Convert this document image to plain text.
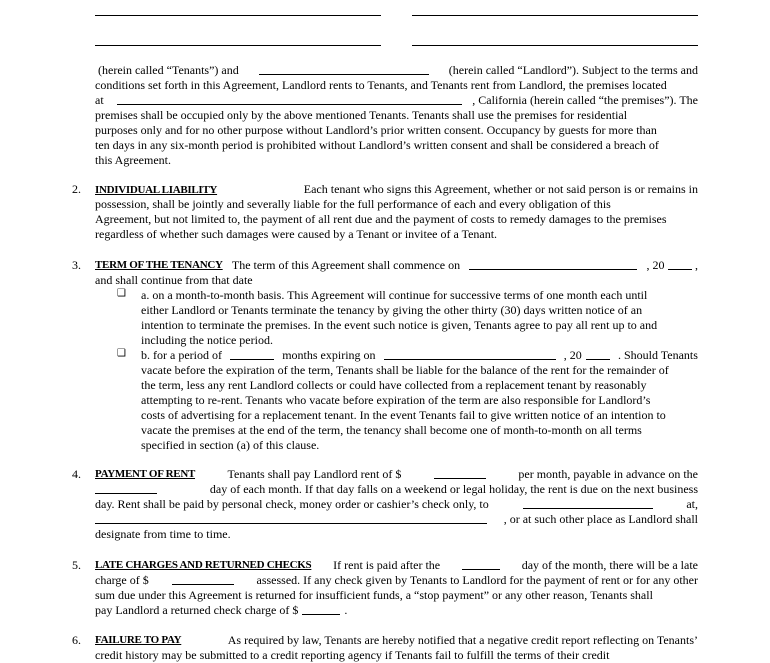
(herein called “Tenants”) and	(herein called “Landlord”). Subject to the terms and
conditions set forth in this Agreement, Landlord rents to Tenants, and Tenants rent from Landlord, the premises located
at	, California (herein called “the premises”). The
premises shall be occupied only by the above mentioned Tenants. Tenants shall use the premises for residential
purposes only and for no other purpose without Landlord’s prior written consent. Occupancy by guests for more than
ten days in any six-month period is prohibited without Landlord’s written consent and shall be considered a breach of
this Agreement.
2. INDIVIDUAL LIABILITY	Each tenant who signs this Agreement, whether or not said person is or remains in
possession, shall be jointly and severally liable for the full performance of each and every obligation of this
Agreement, but not limited to, the payment of all rent due and the payment of costs to remedy damages to the premises
regardless of whether such damages were caused by a Tenant or invitee of a Tenant.
3. TERM OF THE TENANCY The term of this Agreement shall commence on	, 20	,
and shall continue from that date
❑ a. on a month-to-month basis. This Agreement will continue for successive terms of one month each until
either Landlord or Tenants terminate the tenancy by giving the other thirty (30) days written notice of an
intention to terminate the premises. In the event such notice is given, Tenants agree to pay all rent up to and
including the notice period.
❑ b. for a period of	months expiring on	, 20	. Should Tenants
vacate before the expiration of the term, Tenants shall be liable for the balance of the rent for the remainder of
the term, less any rent Landlord collects or could have collected from a replacement tenant by reasonably
attempting to re-rent. Tenants who vacate before expiration of the term are also responsible for Landlord’s
costs of advertising for a replacement tenant. In the event Tenants fail to give written notice of an intention to
vacate the premises at the end of the term, the tenancy shall become one of month-to-month on all terms
specified in section (a) of this clause.
4. PAYMENT OF RENT	Tenants shall pay Landlord rent of $	per month, payable in advance on the
day of each month. If that day falls on a weekend or legal holiday, the rent is due on the next business
day. Rent shall be paid by personal check, money order or cashier’s check only, to	at,
, or at such other place as Landlord shall
designate from time to time.
5. LATE CHARGES AND RETURNED CHECKS If rent is paid after the	day of the month, there will be a late
charge of $	assessed. If any check given by Tenants to Landlord for the payment of rent or for any other
sum due under this Agreement is returned for insufficient funds, a “stop payment” or any other reason, Tenants shall
pay Landlord a returned check charge of $	.
6. FAILURE TO PAY	As required by law, Tenants are hereby notified that a negative credit report reflecting on Tenants’
credit history may be submitted to a credit reporting agency if Tenants fail to fulfill the terms of their credit
